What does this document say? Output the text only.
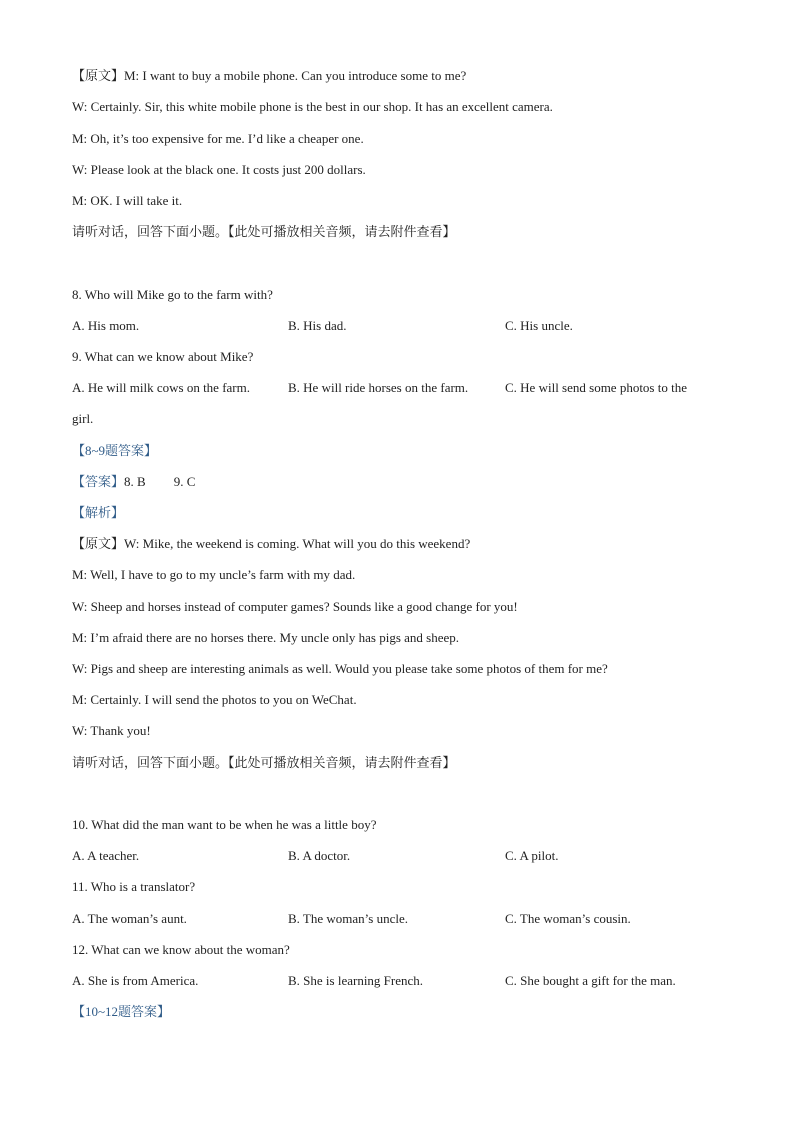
【原文】M: I want to buy a mobile phone. Can you introduce some to me?
W: Certainly. Sir, this white mobile phone is the best in our shop. It has an excellent camera.
M: Oh, it’s too expensive for me. I’d like a cheaper one.
W: Please look at the black one. It costs just 200 dollars.
M: OK. I will take it.
请听对话，回答下面小题。【此处可播放相关音频，请去附件查看】
8. Who will Mike go to the farm with?
A. His mom.	B. His dad.	C. His uncle.
9. What can we know about Mike?
A. He will milk cows on the farm.	B. He will ride horses on the farm.	C. He will send some photos to the
girl.
【8~9题答案】
【答案】8. B 9. C
【解析】
【原文】W: Mike, the weekend is coming. What will you do this weekend?
M: Well, I have to go to my uncle’s farm with my dad.
W: Sheep and horses instead of computer games? Sounds like a good change for you!
M: I’m afraid there are no horses there. My uncle only has pigs and sheep.
W: Pigs and sheep are interesting animals as well. Would you please take some photos of them for me?
M: Certainly. I will send the photos to you on WeChat.
W: Thank you!
请听对话，回答下面小题。【此处可播放相关音频，请去附件查看】
10. What did the man want to be when he was a little boy?
A. A teacher.	B. A doctor.	C. A pilot.
11. Who is a translator?
A. The woman’s aunt.	B. The woman’s uncle.	C. The woman’s cousin.
12. What can we know about the woman?
A. She is from America.	B. She is learning French.	C. She bought a gift for the man.
【10~12题答案】
